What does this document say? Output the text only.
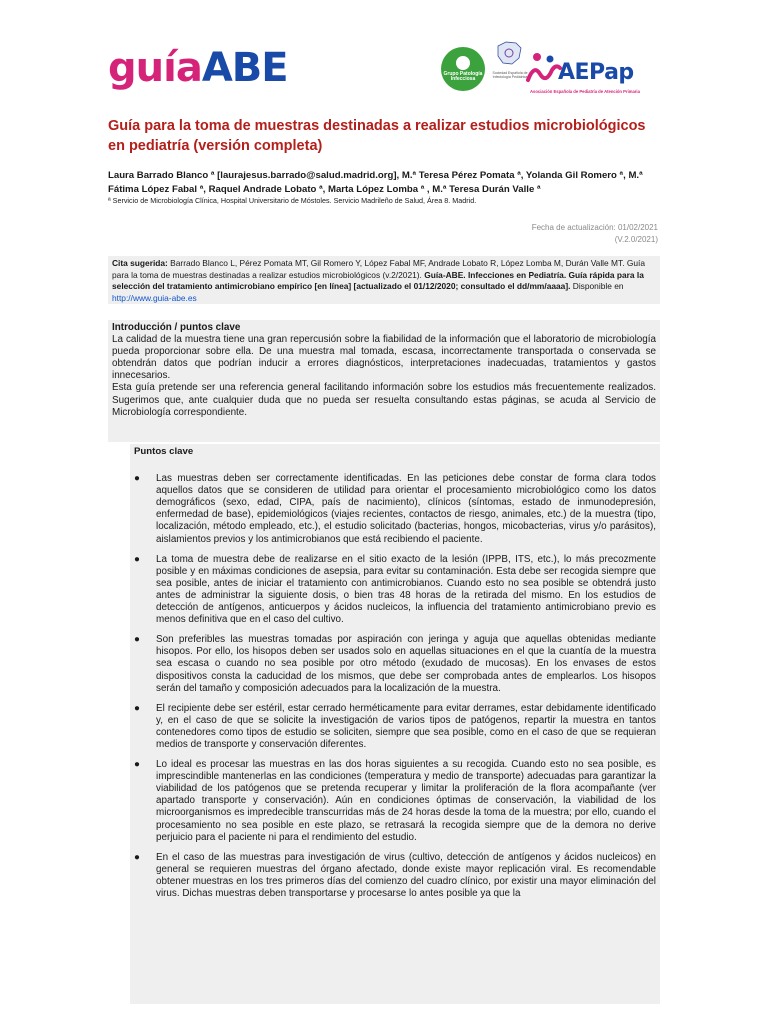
guíaABE	Grupo Patología Infecciosa
Sociedad Española de Infectología Pediátrica AEPap
Asociación Española de Pediatría de Atención Primaria
Guía para la toma de muestras destinadas a realizar estudios microbiológicos en pediatría (versión completa)
Laura Barrado Blanco ª [laurajesus.barrado@salud.madrid.org], M.ª Teresa Pérez Pomata ª, Yolanda Gil Romero ª, M.ª Fátima López Fabal ª, Raquel Andrade Lobato ª, Marta López Lomba ª , M.ª Teresa Durán Valle ª
ª Servicio de Microbiología Clínica, Hospital Universitario de Móstoles. Servicio Madrileño de Salud, Área 8. Madrid.
Fecha de actualización: 01/02/2021
(V.2.0/2021)
Cita sugerida: Barrado Blanco L, Pérez Pomata MT, Gil Romero Y, López Fabal MF, Andrade Lobato R, López Lomba M, Durán Valle MT. Guía para la toma de muestras destinadas a realizar estudios microbiológicos (v.2/2021). Guía-ABE. Infecciones en Pediatría. Guía rápida para la selección del tratamiento antimicrobiano empírico [en línea] [actualizado el 01/12/2020; consultado el dd/mm/aaaa]. Disponible en http://www.guia-abe.es
Introducción / puntos clave
La calidad de la muestra tiene una gran repercusión sobre la fiabilidad de la información que el laboratorio de microbiología pueda proporcionar sobre ella. De una muestra mal tomada, escasa, incorrectamente transportada o conservada se obtendrán datos que podrían inducir a errores diagnósticos, interpretaciones inadecuadas, tratamientos y gastos innecesarios.
Esta guía pretende ser una referencia general facilitando información sobre los estudios más frecuentemente realizados. Sugerimos que, ante cualquier duda que no pueda ser resuelta consultando estas páginas, se acuda al Servicio de Microbiología correspondiente.
Puntos clave
● Las muestras deben ser correctamente identificadas. En las peticiones debe constar de forma clara todos aquellos datos que se consideren de utilidad para orientar el procesamiento microbiológico como los datos demográficos (sexo, edad, CIPA, país de nacimiento), clínicos (síntomas, estado de inmunodepresión, enfermedad de base), epidemiológicos (viajes recientes, contactos de riesgo, animales, etc.) de la muestra (tipo, localización, método empleado, etc.), el estudio solicitado (bacterias, hongos, micobacterias, virus y/o parásitos), aislamientos previos y los antimicrobianos que está recibiendo el paciente.
● La toma de muestra debe de realizarse en el sitio exacto de la lesión (IPPB, ITS, etc.), lo más precozmente posible y en máximas condiciones de asepsia, para evitar su contaminación. Esta debe ser recogida siempre que sea posible, antes de iniciar el tratamiento con antimicrobianos. Cuando esto no sea posible se obtendrá justo antes de administrar la siguiente dosis, o bien tras 48 horas de la retirada del mismo. En los estudios de detección de antígenos, anticuerpos y ácidos nucleicos, la influencia del tratamiento antimicrobiano previo es menos definitiva que en el caso del cultivo.
● Son preferibles las muestras tomadas por aspiración con jeringa y aguja que aquellas obtenidas mediante hisopos. Por ello, los hisopos deben ser usados solo en aquellas situaciones en el que la cuantía de la muestra sea escasa o cuando no sea posible por otro método (exudado de mucosas). En los envases de estos dispositivos consta la caducidad de los mismos, que debe ser comprobada antes de emplearlos. Los hisopos serán del tamaño y composición adecuados para la localización de la muestra.
● El recipiente debe ser estéril, estar cerrado herméticamente para evitar derrames, estar debidamente identificado y, en el caso de que se solicite la investigación de varios tipos de patógenos, repartir la muestra en tantos contenedores como tipos de estudio se soliciten, siempre que sea posible, como en el caso de que se requieran medios de transporte y conservación diferentes.
● Lo ideal es procesar las muestras en las dos horas siguientes a su recogida. Cuando esto no sea posible, es imprescindible mantenerlas en las condiciones (temperatura y medio de transporte) adecuadas para garantizar la viabilidad de los patógenos que se pretenda recuperar y limitar la proliferación de la flora acompañante (ver apartado transporte y conservación). Aún en condiciones óptimas de conservación, la viabilidad de los microorganismos es impredecible transcurridas más de 24 horas desde la toma de la muestra; por ello, cuando el procesamiento no sea posible en este plazo, se retrasará la recogida siempre que de la demora no derive perjuicio para el paciente ni para el rendimiento del estudio.
● En el caso de las muestras para investigación de virus (cultivo, detección de antígenos y ácidos nucleicos) en general se requieren muestras del órgano afectado, donde existe mayor replicación viral. Es recomendable obtener muestras en los tres primeros días del comienzo del cuadro clínico, por existir una mayor eliminación del virus. Dichas muestras deben transportarse y procesarse lo antes posible ya que la
